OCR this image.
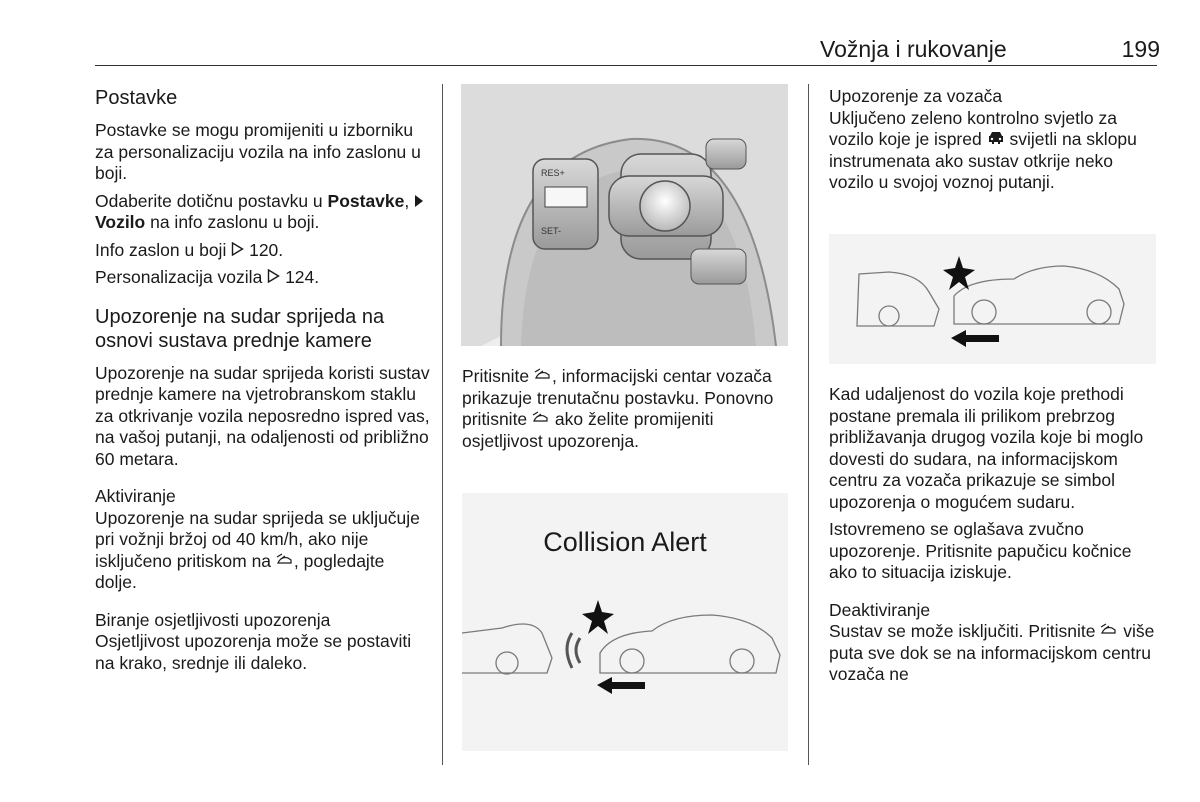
Vožnja i rukovanje	199
Postavke

Postavke se mogu promijeniti u izborniku za personalizaciju vozila na info zaslonu u boji.

Odaberite dotičnu postavku u Postavke,  Vozilo na info zaslonu u boji.

Info zaslon u boji 120.

Personalizacija vozila 124.

Upozorenje na sudar sprijeda na osnovi sustava prednje kamere

Upozorenje na sudar sprijeda koristi sustav prednje kamere na vjetrobranskom staklu za otkrivanje vozila neposredno ispred vas, na vašoj putanji, na odaljenosti od približno 60 metara.

Aktiviranje

Upozorenje na sudar sprijeda se uključuje pri vožnji bržoj od 40 km/h, ako nije isključeno pritiskom na , pogledajte dolje.

Biranje osjetljivosti upozorenja

Osjetljivost upozorenja može se postaviti na krako, srednje ili daleko.

RES+
SET-

Pritisnite , informacijski centar vozača prikazuje trenutačnu postavku. Ponovno pritisnite ako želite promijeniti osjetljivost upozorenja.

Collision Alert
Upozorenje za vozača

Uključeno zeleno kontrolno svjetlo za vozilo koje je ispred svijetli na sklopu instrumenata ako sustav otkrije neko vozilo u svojoj voznoj putanji.

Kad udaljenost do vozila koje prethodi postane premala ili prilikom prebrzog približavanja drugog vozila koje bi moglo dovesti do sudara, na informacijskom centru za vozača prikazuje se simbol upozorenja o mogućem sudaru.

Istovremeno se oglašava zvučno upozorenje. Pritisnite papučicu kočnice ako to situacija iziskuje.

Deaktiviranje

Sustav se može isključiti. Pritisnite više puta sve dok se na informacijskom centru vozača ne
